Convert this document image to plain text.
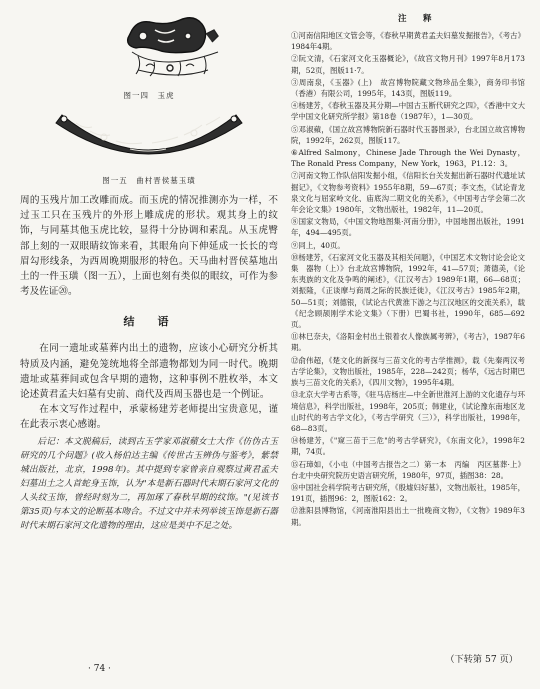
图一四　玉虎

图一五　曲村晋侯墓玉璜

周的玉残片加工改雕而成。而玉虎的情况推测亦为一样，不过玉工只在玉残片的外形上雕成虎的形状。观其身上的纹饰，与同墓其他玉虎比较，显得十分协调和素乱。从玉虎臀部上刻的一双眼睛纹饰来看，其眼角向下伸延成一长长的弯眉勾形线条，为西周晚期服形的特色。天马曲村晋侯墓地出土的一件玉璜（图一五），上面也刻有类似的眼纹，可作为参考及佐证⑳。

结　语

在同一遗址或墓葬内出土的遗物，应该小心研究分析其特质及内涵，避免笼统地将全部遗物都划为同一时代。晚期遗址或墓葬间或包含早期的遗物，这种事例不胜枚举，本文论述黄君孟夫妇墓有史前、商代及西周玉器也是一个例证。

在本文写作过程中，承蒙杨建芳老师提出宝贵意见，谨在此表示衷心感谢。

后记：本文脱稿后，读到古玉学家邓淑蘋女士大作《仿伪古玉研究的几个问题》(收入杨伯达主编《传世古玉辨伪与鉴考》，紫禁城出版社，北京，1998年)。其中提到专家曾亲自观察过黄君孟夫妇墓出土之人首蛇身玉饰，认为"本是新石器时代末期石家河文化的人头纹玉饰，曾经时刻为二，再加琢了春秋早期的纹饰。"(见该书第35页)与本文的论断基本吻合。不过文中并未列举该玉饰是新石器时代末期石家河文化遗物的理由，这应是美中不足之处。

· 74 ·
注　释

①河南信阳地区文管会等，《春秋早期黄君孟夫妇墓发掘报告》，《考古》1984年4期。

②阮文清，《石家河文化玉器概论》，《故宫文物月刊》1997年8月173期，52页，图版11·7。

③周南泉，《玉器》(上)　故宫博物院藏文物珍品全集》，商务印书馆（香港）有限公司，1995年，143页，图版119。

④杨建芳，《春秋玉器及其分期—中国古玉断代研究之四》，《香港中文大学中国文化研究所学报》第18卷（1987年），1—30页。

⑤邓淑蘋，《国立故宫博物院新石器时代玉器图录》，台北国立故宫博物院，1992年，262页，图版117。

⑥Alfred Salmony，Chinese Jade Through the Wei Dynasty，The Ronald Press Company，New York，1963，P1.12：3。

⑦河南文物工作队信阳发掘小组，《信阳长台关发掘出新石器时代遗址试掘记》，《文物参考资料》1955年8期，59—67页；李文杰，《试论青龙泉文化与屈家岭文化、庙底沟二期文化的关系》，《中国考古学会第二次年会论文集》1980年，文物出版社，1982年，11—20页。

⑧国家文物局，《中国文物地图集·河南分册》，中国地图出版社，1991年，494—495页。

⑨同上，40页。

⑩杨建芳，《石家河文化玉器及其相关问题》，《中国艺术文物讨论会论文集　器物（上）》台北故宫博物院，1992年，41—57页；萧德美，《论东夷族的文化及争鸣的阐述》，《江汉考古》1989年1期，66—68页；刘振隆，《正谈摩与商周之际的民族迁徙》，《江汉考古》1985年2期，50—51页；刘德银，《试论古代黄淮下游之与江汉地区的交流关系》，载《纪念顾颉刚学术论文集》（下册）巴蜀书社，1990年，685—692页。

⑪林巳奈夫，《洛阳金村出土银着衣人像族属考辨》，《考古》，1987年6期。

⑫俞伟超，《楚文化的新探与三苗文化的考古学推测》，载《先秦两汉考古学论集》，文物出版社，1985年，228—242页；杨华，《远古时期巴族与三苗文化的关系》，《四川文物》，1995年4期。

⑬北京大学考古系等，《驻马店杨庄—中全新世淮河上游的文化遗存与环境信息》，科学出版社，1998年，205页；韩建业，《试论豫东南地区龙山时代的考古学文化》，《考古学研究（三）》，科学出版社，1998年，68—83页。

⑭杨建芳，《"窥三苗于三危"的考古学研究》，《东南文化》，1998年2期，74页。

⑮石璋如，《小屯（中国考古报告之二）第一本　丙编　丙区墓葬·上》台北中央研究院历史语言研究所，1980年，97页，插图38：28。

⑯中国社会科学院考古研究所，《殷墟妇好墓》，文物出版社，1985年，191页，插图96：2，图版162：2。

⑰淮阳县博物馆，《河南淮阳县出土一批晚商文物》，《文物》1989年3期。

（下转第 57 页）
